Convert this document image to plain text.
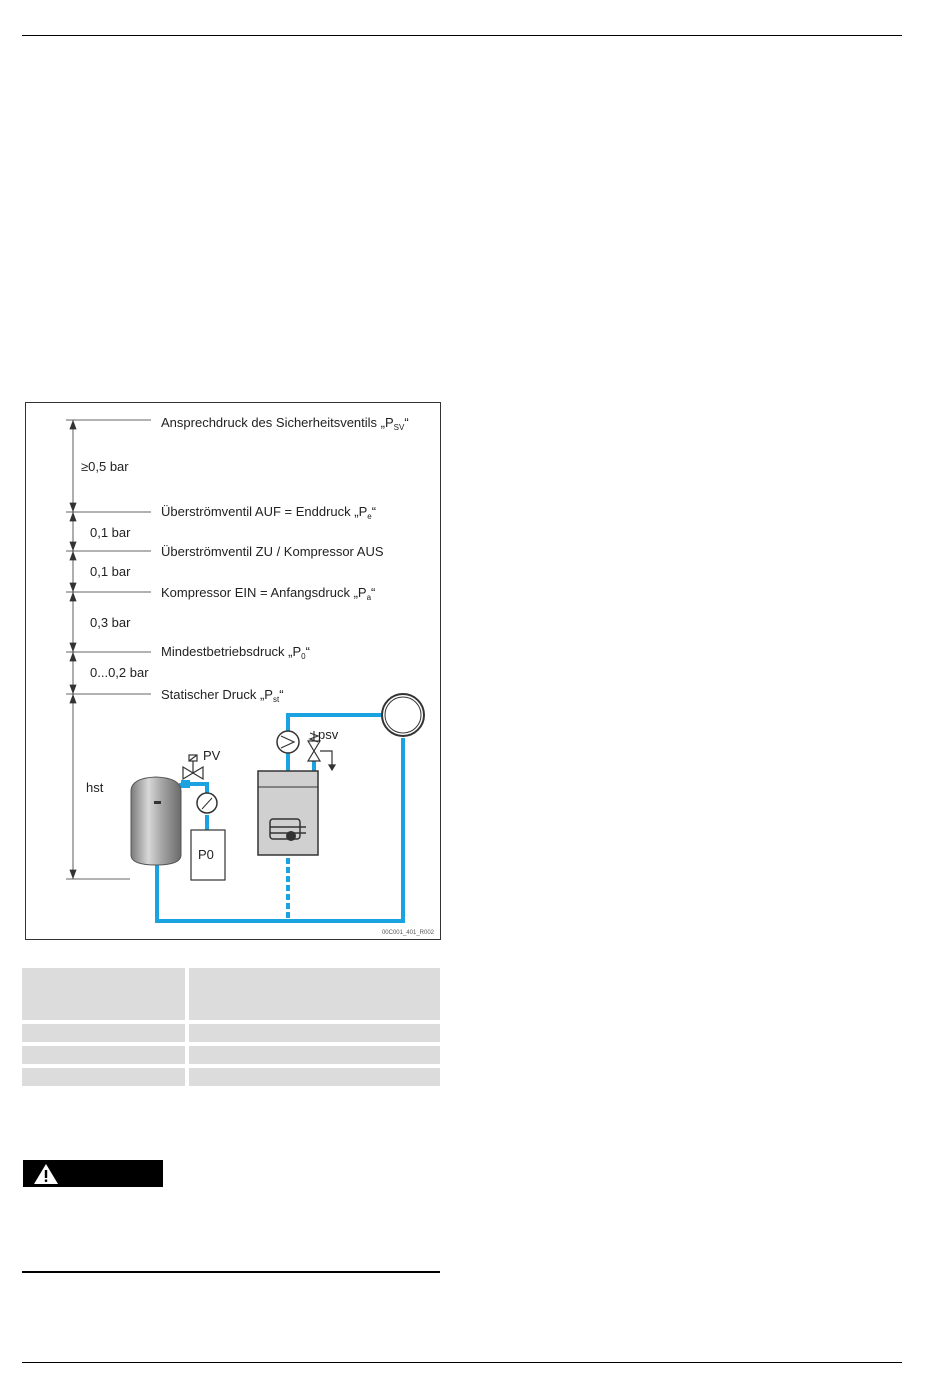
Ansprechdruck des Sicherheitsventils $„P_{SV}“$
Überströmventil AUF = Enddruck $„P_e“$
Überströmventil ZU / Kompressor AUS
Kompressor EIN = Anfangsdruck $„P_a“$
Mindestbetriebsdruck $„P_0“$
Statischer Druck $„P_{st}“$
≥0,5 bar
0,1 bar
0,1 bar
0,3 bar
0...0,2 bar
hst
PV
psv
P0
00C001_401_R002
